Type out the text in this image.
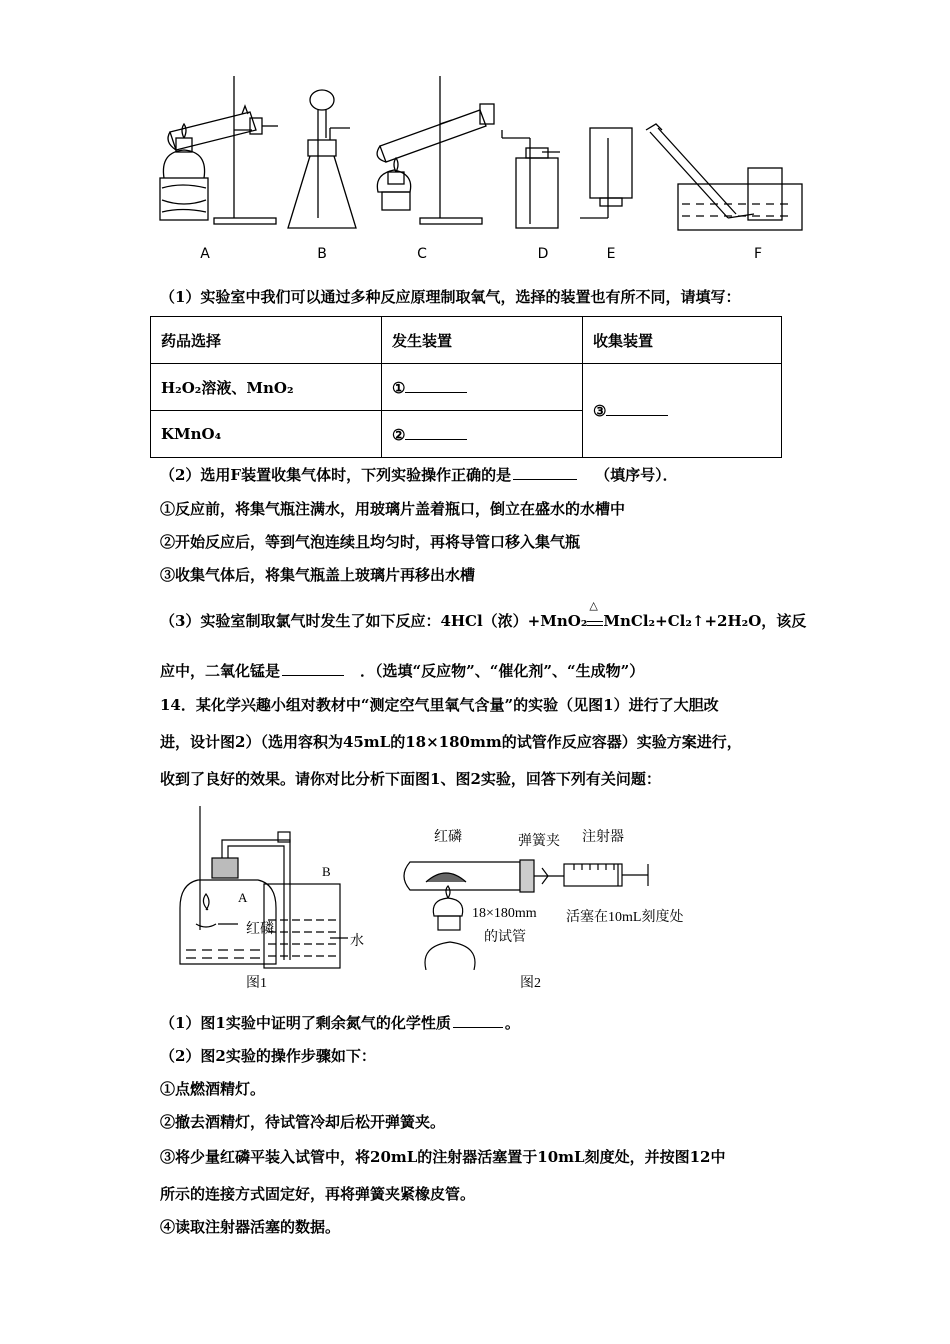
A	B	C	D	E	F
（1）实验室中我们可以通过多种反应原理制取氧气，选择的装置也有所不同，请填写：
药品选择	发生装置	收集装置
H₂O₂溶液、MnO₂	①	③
KMnO₄	②	
（2）选用F装置收集气体时，下列实验操作正确的是	（填序号）．
①反应前，将集气瓶注满水，用玻璃片盖着瓶口，倒立在盛水的水槽中
②开始反应后，等到气泡连续且均匀时，再将导管口移入集气瓶
③收集气体后，将集气瓶盖上玻璃片再移出水槽
（3）实验室制取氯气时发生了如下反应：4HCl（浓）+MnO₂
△
MnCl₂+Cl₂↑+2H₂O，该反
应中，二氧化锰是	．（选填“反应物”、“催化剂”、“生成物”）
14．某化学兴趣小组对教材中“测定空气里氧气含量”的实验（见图1）进行了大胆改
进，设计图2）（选用容积为45mL的18×180mm的试管作反应容器）实验方案进行，
收到了良好的效果。请你对比分析下面图1、图2实验，回答下列有关问题：
A
B
红磷
水
图1
红磷	弹簧夹 注射器
18×180mm
的试管
活塞在10mL刻度处
图2
（1）图1实验中证明了剩余氮气的化学性质	。
（2）图2实验的操作步骤如下：
①点燃酒精灯。
②撤去酒精灯，待试管冷却后松开弹簧夹。
③将少量红磷平装入试管中，将20mL的注射器活塞置于10mL刻度处，并按图12中
所示的连接方式固定好，再将弹簧夹紧橡皮管。
④读取注射器活塞的数据。
